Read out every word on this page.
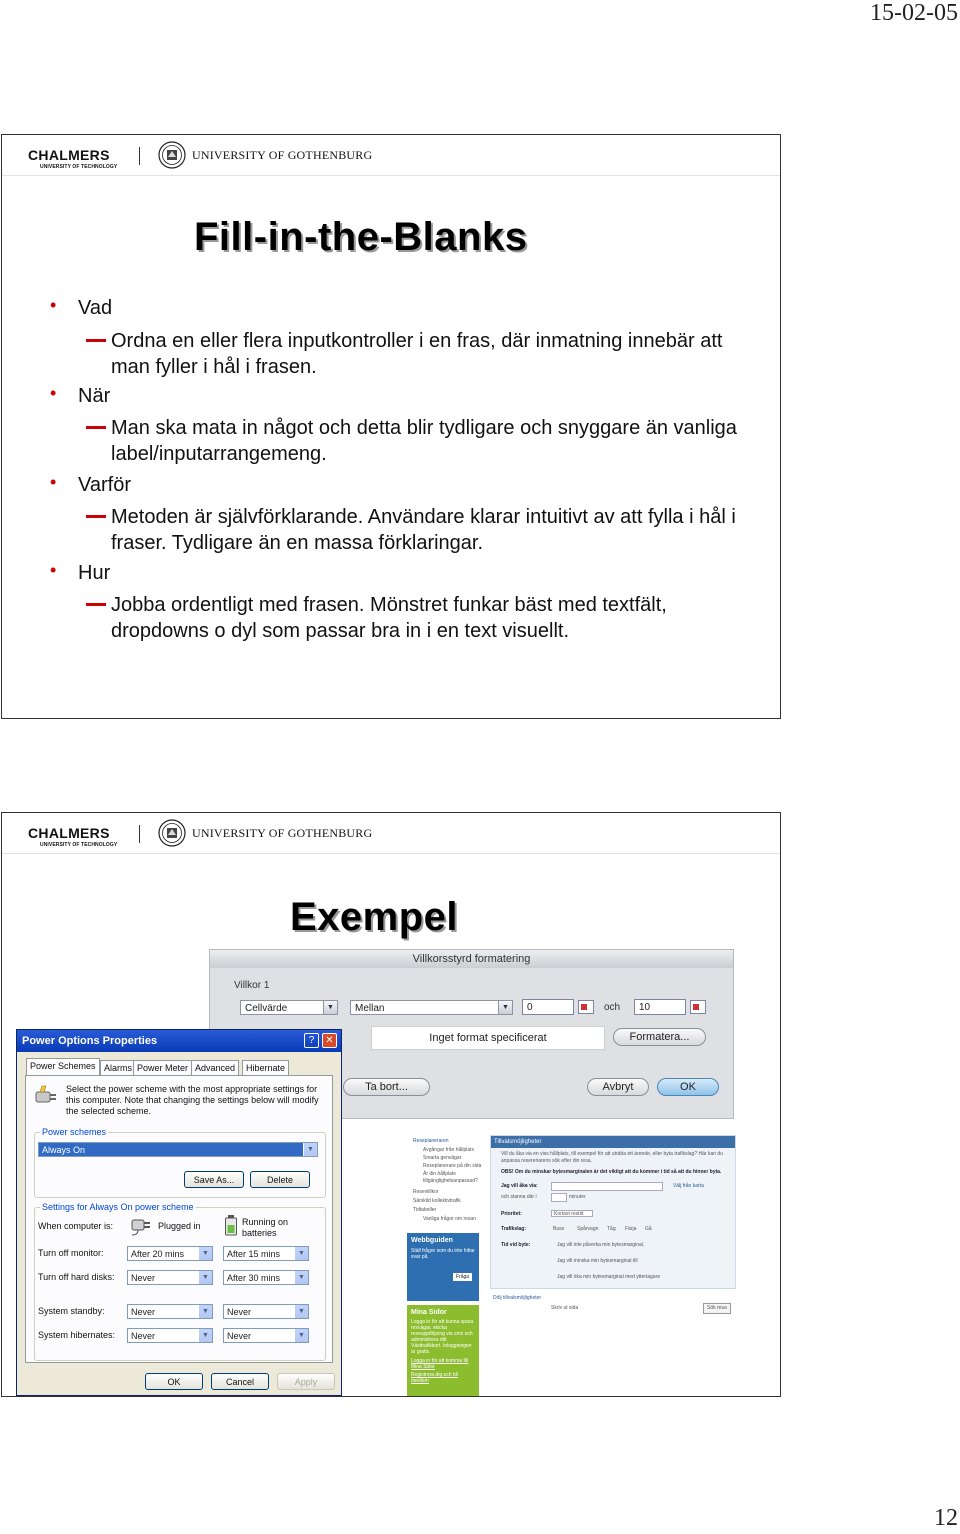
15-02-05
CHALMERS
UNIVERSITY OF TECHNOLOGY
UNIVERSITY OF GOTHENBURG
Fill-in-the-Blanks
• Vad
Ordna en eller flera inputkontroller i en fras, där inmatning innebär att man fyller i hål i frasen.
• När
Man ska mata in något och detta blir tydligare och snyggare än vanliga label/inputarrangemeng.
• Varför
Metoden är självförklarande. Användare klarar intuitivt av att fylla i hål i fraser. Tydligare än en massa förklaringar.
• Hur
Jobba ordentligt med frasen. Mönstret funkar bäst med textfält, dropdowns o dyl som passar bra in i en text visuellt.
CHALMERS
UNIVERSITY OF TECHNOLOGY
UNIVERSITY OF GOTHENBURG
Exempel
Villkorsstyrd formatering
Villkor 1
Cellvärde	▼	Mellan	▼	0	och	10
Inget format specificerat	Formatera...
Ta bort...	Avbryt	OK
Reseplaneraren
Avgångar från hållplats
Smarta genvägar
Reseplanerare på din sida
Är din hållplats tillgänglighetsanpassad?
Reseviillkor
Särskild kollektivtrafik
Tidtabeller
Vanliga frågor om resan
Webbguiden
Ställ frågor som du inte hittar svar på.
Fråga
Mina Sidor
Logga in för att kunna spara resvägar, skicka reseuppföljning via sms och administrera ditt Västtrafikkort. Inloggningen är gratis.
Logga in för att komma till Mina Sidor
Registrera dig och bli medlem
Tillvalsmöjligheter
Vill du åka via en viss hållplats, till exempel för att uträtta ett ärende, eller byta trafikslag? Här kan du anpassa resereriarens sök efter din resa.
OBS! Om du minskar bytesmarginalen är det viktigt att du kommer i tid så att du hinner byta.
Jag vill åka via:	Välj från karta
och stanna där i	minuter
Prioritet:	Kortast restid
Trafikslag:	Buss	Spårvagn Tåg Färja Gå
Tid vid byte:	Jag vill inte påverka min bytesmarginal.
Jag vill minska min bytesmarginal till
Jag vill öka min bytesmarginal med yttertagare
Dölj tillvalsmöjligheter
Skriv ut sida	Sök resa
Power Options Properties	?	✕
Power Schemes Alarms Power Meter Advanced	Hibernate
Select the power scheme with the most appropriate settings for this computer. Note that changing the settings below will modify the selected scheme.
Power schemes
Always On	▼
Save As...	Delete
Settings for Always On power scheme
When computer is:	Plugged in	Running on batteries
Turn off monitor:	After 20 mins	▼	After 15 mins	▼
Turn off hard disks:	Never	▼	After 30 mins	▼
System standby:	Never	▼	Never	▼
System hibernates:	Never	▼	Never	▼
OK	Cancel	Apply
12
